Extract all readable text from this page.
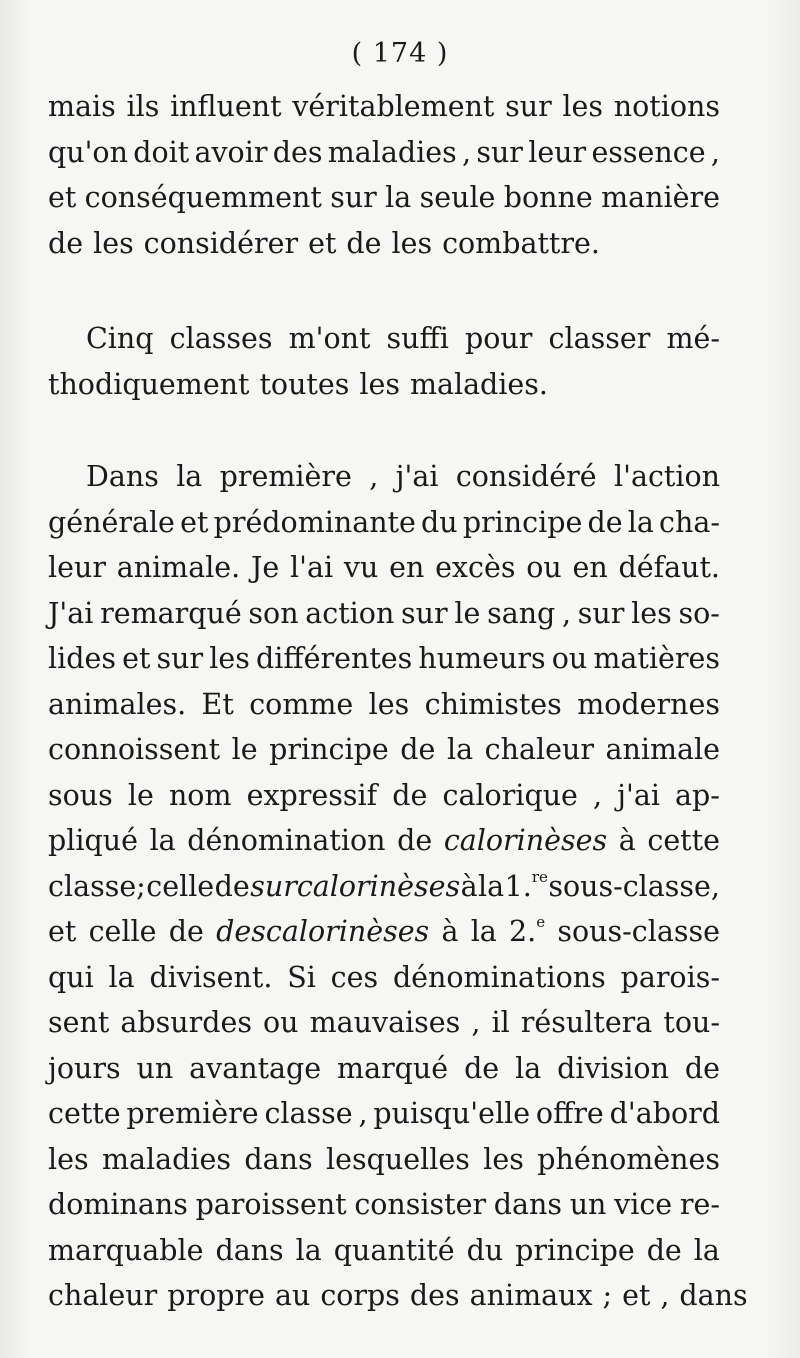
( 174 )
mais ils influent véritablement sur les notions
qu'on doit avoir des maladies , sur leur essence ,
et conséquemment sur la seule bonne manière
de les considérer et de les combattre.
Cinq classes m'ont suffi pour classer mé-
thodiquement toutes les maladies.
Dans la première , j'ai considéré l'action
générale et prédominante du principe de la cha-
leur animale. Je l'ai vu en excès ou en défaut.
J'ai remarqué son action sur le sang , sur les so-
lides et sur les différentes humeurs ou matières
animales. Et comme les chimistes modernes
connoissent le principe de la chaleur animale
sous le nom expressif de calorique , j'ai ap-
pliqué la dénomination de calorinèses à cette
classe; celle de surcalorinèses à la 1.$^{re}$ sous-classe,
et celle de descalorinèses à la 2.$^e$ sous-classe
qui la divisent. Si ces dénominations parois-
sent absurdes ou mauvaises , il résultera tou-
jours un avantage marqué de la division de
cette première classe , puisqu'elle offre d'abord
les maladies dans lesquelles les phénomènes
dominans paroissent consister dans un vice re-
marquable dans la quantité du principe de la
chaleur propre au corps des animaux ; et , dans
